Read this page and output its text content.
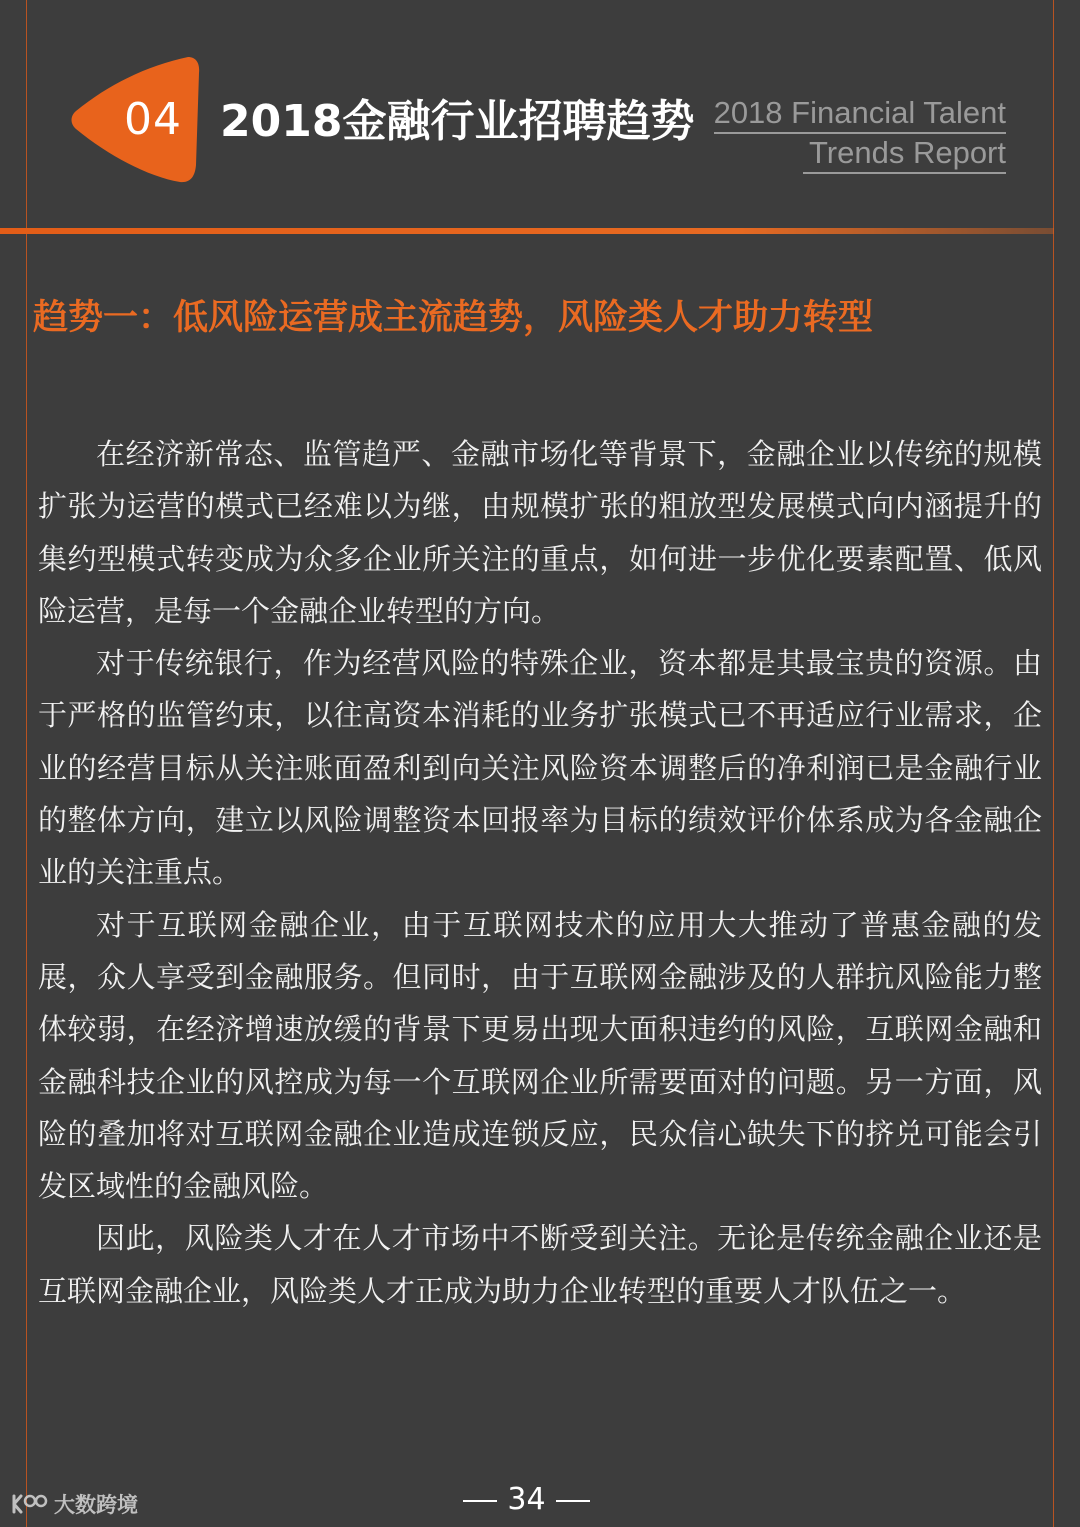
04 2018金融行业招聘趋势 2018 Financial Talent
Trends Report
趋势一：低风险运营成主流趋势，风险类人才助力转型

在经济新常态、监管趋严、金融市场化等背景下，金融企业以传统的规模扩张为运营的模式已经难以为继，由规模扩张的粗放型发展模式向内涵提升的集约型模式转变成为众多企业所关注的重点，如何进一步优化要素配置、低风险运营，是每一个金融企业转型的方向。

对于传统银行，作为经营风险的特殊企业，资本都是其最宝贵的资源。由于严格的监管约束，以往高资本消耗的业务扩张模式已不再适应行业需求，企业的经营目标从关注账面盈利到向关注风险资本调整后的净利润已是金融行业的整体方向，建立以风险调整资本回报率为目标的绩效评价体系成为各金融企业的关注重点。

对于互联网金融企业，由于互联网技术的应用大大推动了普惠金融的发展，众人享受到金融服务。但同时，由于互联网金融涉及的人群抗风险能力整体较弱，在经济增速放缓的背景下更易出现大面积违约的风险，互联网金融和金融科技企业的风控成为每一个互联网企业所需要面对的问题。另一方面，风险的叠加将对互联网金融企业造成连锁反应，民众信心缺失下的挤兑可能会引发区域性的金融风险。

因此，风险类人才在人才市场中不断受到关注。无论是传统金融企业还是互联网金融企业，风险类人才正成为助力企业转型的重要人才队伍之一。

34
大数跨境
